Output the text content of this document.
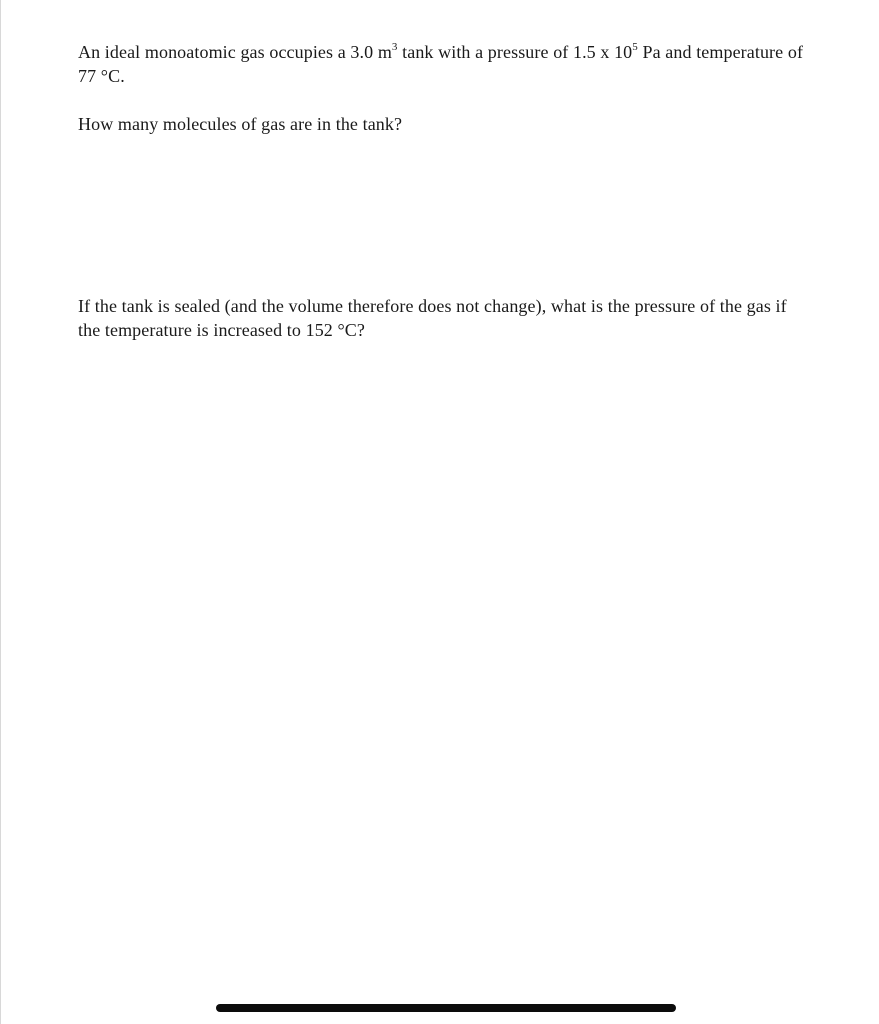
An ideal monoatomic gas occupies a 3.0 $m^3$ tank with a pressure of 1.5 x $10^5$ Pa and temperature of 77 °C.

How many molecules of gas are in the tank?

If the tank is sealed (and the volume therefore does not change), what is the pressure of the gas if the temperature is increased to 152 °C?
